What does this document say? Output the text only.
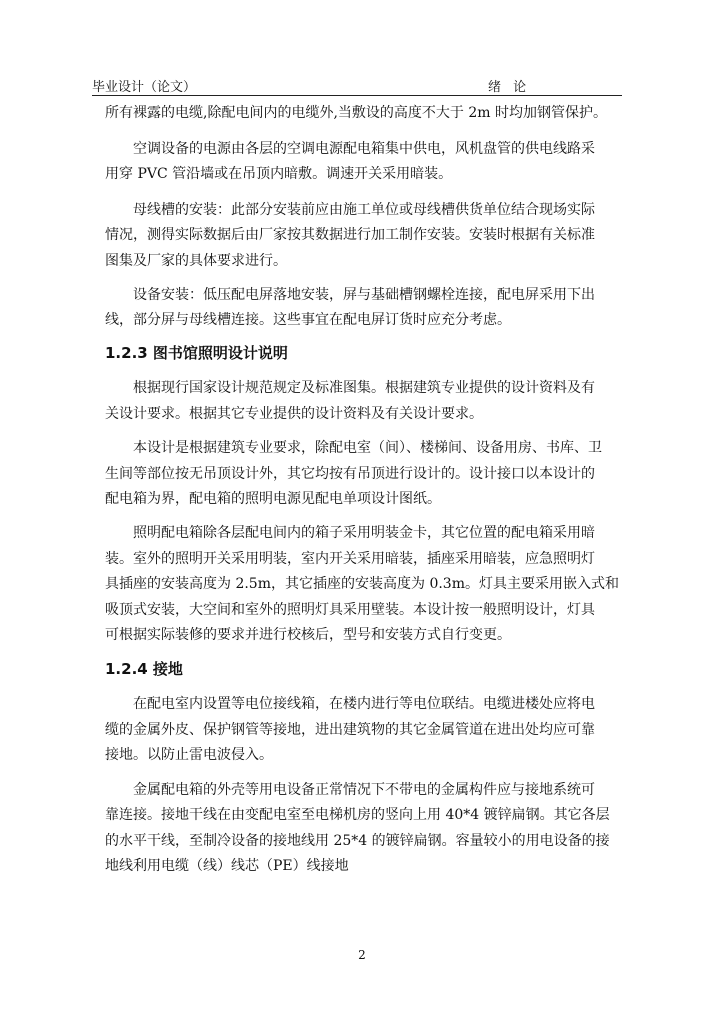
毕业设计（论文）	绪 论
所有裸露的电缆,除配电间内的电缆外,当敷设的高度不大于 2m 时均加钢管保护。
空调设备的电源由各层的空调电源配电箱集中供电，风机盘管的供电线路采
用穿 PVC 管沿墙或在吊顶内暗敷。调速开关采用暗装。
母线槽的安装：此部分安装前应由施工单位或母线槽供货单位结合现场实际
情况，测得实际数据后由厂家按其数据进行加工制作安装。安装时根据有关标准
图集及厂家的具体要求进行。
设备安装：低压配电屏落地安装，屏与基础槽钢螺栓连接，配电屏采用下出
线，部分屏与母线槽连接。这些事宜在配电屏订货时应充分考虑。
1.2.3 图书馆照明设计说明
根据现行国家设计规范规定及标准图集。根据建筑专业提供的设计资料及有
关设计要求。根据其它专业提供的设计资料及有关设计要求。
本设计是根据建筑专业要求，除配电室（间）、楼梯间、设备用房、书库、卫
生间等部位按无吊顶设计外，其它均按有吊顶进行设计的。设计接口以本设计的
配电箱为界，配电箱的照明电源见配电单项设计图纸。
照明配电箱除各层配电间内的箱子采用明装金卡，其它位置的配电箱采用暗
装。室外的照明开关采用明装，室内开关采用暗装，插座采用暗装，应急照明灯
具插座的安装高度为 2.5m，其它插座的安装高度为 0.3m。灯具主要采用嵌入式和
吸顶式安装，大空间和室外的照明灯具采用壁装。本设计按一般照明设计，灯具
可根据实际装修的要求并进行校核后，型号和安装方式自行变更。
1.2.4 接地
在配电室内设置等电位接线箱，在楼内进行等电位联结。电缆进楼处应将电
缆的金属外皮、保护钢管等接地，进出建筑物的其它金属管道在进出处均应可靠
接地。以防止雷电波侵入。
金属配电箱的外壳等用电设备正常情况下不带电的金属构件应与接地系统可
靠连接。接地干线在由变配电室至电梯机房的竖向上用 40*4 镀锌扁钢。其它各层
的水平干线，至制冷设备的接地线用 25*4 的镀锌扁钢。容量较小的用电设备的接
地线利用电缆（线）线芯（PE）线接地
2
